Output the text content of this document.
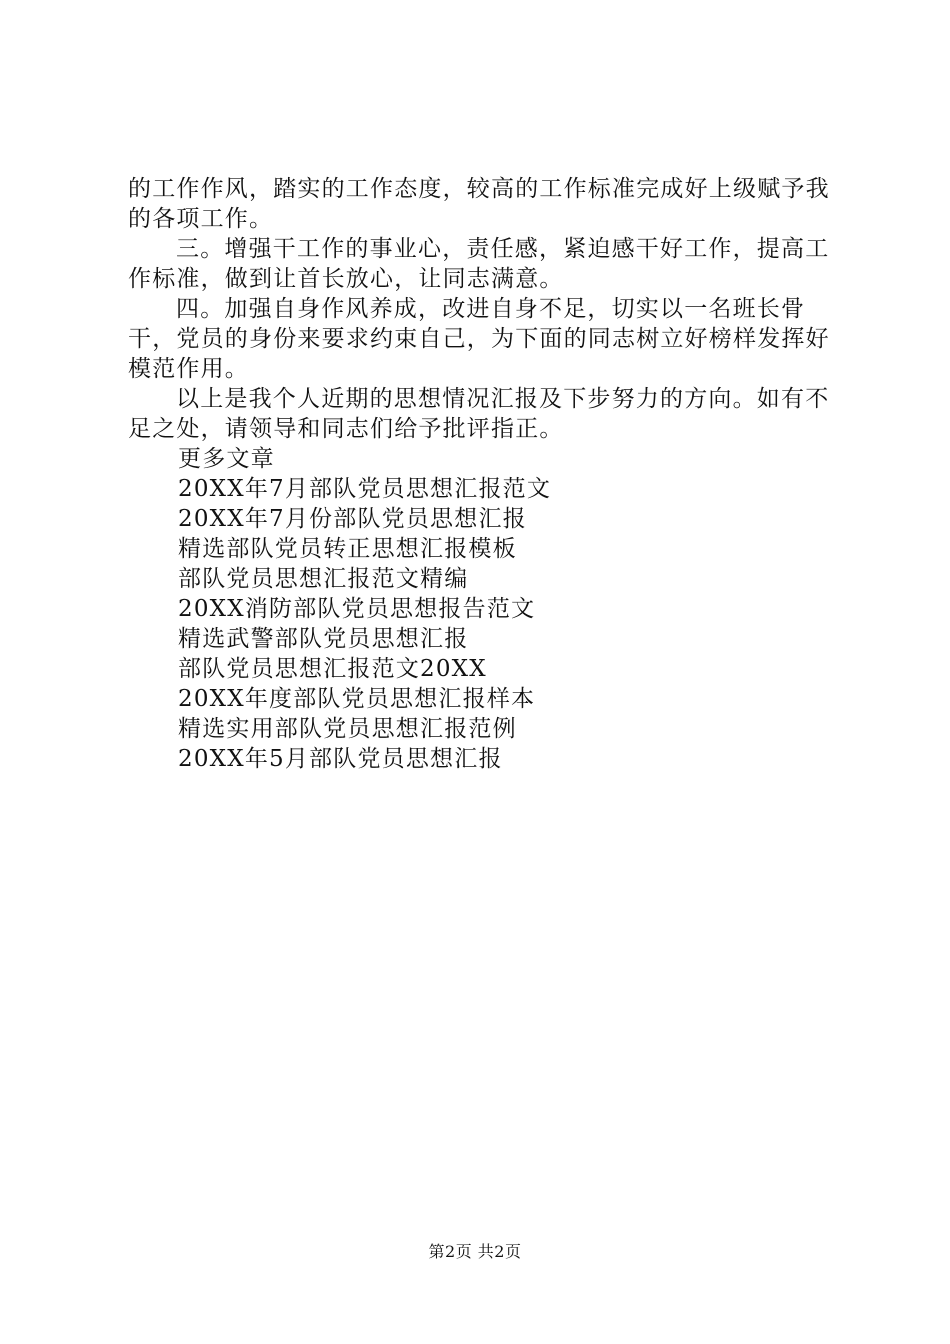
的工作作风，踏实的工作态度，较高的工作标准完成好上级赋予我的各项工作。

三。增强干工作的事业心，责任感，紧迫感干好工作，提高工作标准，做到让首长放心，让同志满意。

四。加强自身作风养成，改进自身不足，切实以一名班长骨干，党员的身份来要求约束自己，为下面的同志树立好榜样发挥好模范作用。

以上是我个人近期的思想情况汇报及下步努力的方向。如有不足之处，请领导和同志们给予批评指正。

更多文章

20XX年7月部队党员思想汇报范文
20XX年7月份部队党员思想汇报
精选部队党员转正思想汇报模板
部队党员思想汇报范文精编
20XX消防部队党员思想报告范文
精选武警部队党员思想汇报
部队党员思想汇报范文20XX
20XX年度部队党员思想汇报样本
精选实用部队党员思想汇报范例
20XX年5月部队党员思想汇报
第2页 共2页
